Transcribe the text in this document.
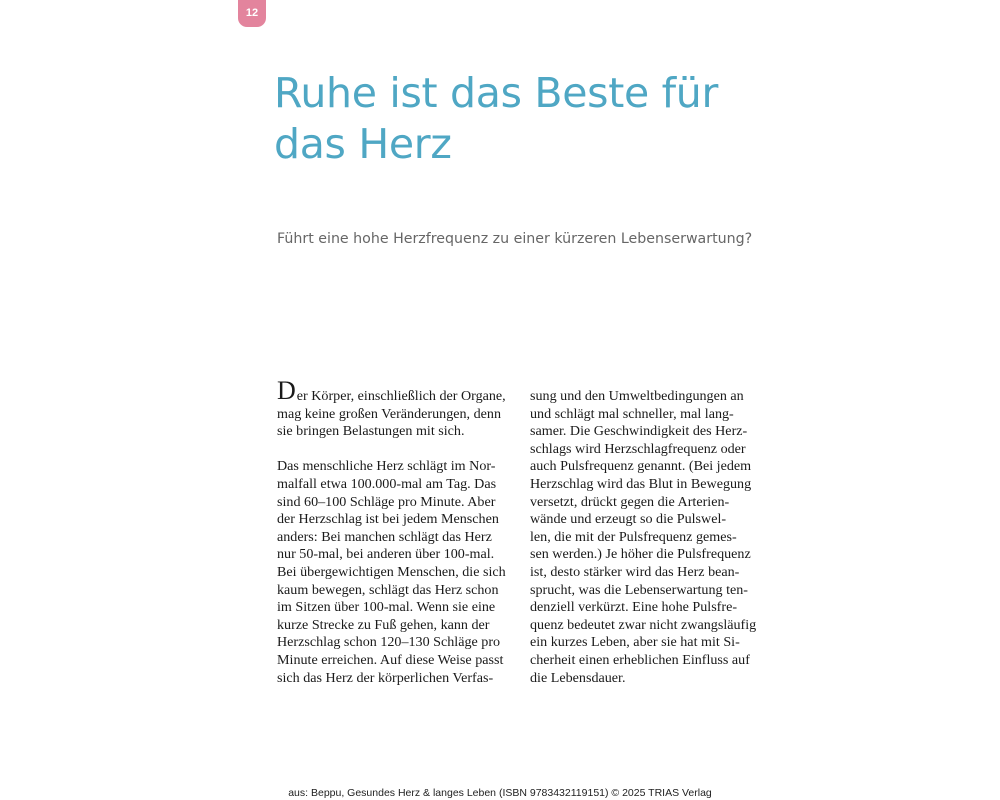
12
Ruhe ist das Beste für
das Herz

Führt eine hohe Herzfrequenz zu einer kürzeren Lebenserwartung?

D er Körper, einschließlich der Organe,
mag keine großen Veränderungen, denn
sie bringen Belastungen mit sich.
Das menschliche Herz schlägt im Nor-
malfall etwa 100.000-mal am Tag. Das
sind 60–100 Schläge pro Minute. Aber
der Herzschlag ist bei jedem Menschen
anders: Bei manchen schlägt das Herz
nur 50-mal, bei anderen über 100-mal.
Bei übergewichtigen Menschen, die sich
kaum bewegen, schlägt das Herz schon
im Sitzen über 100-mal. Wenn sie eine
kurze Strecke zu Fuß gehen, kann der
Herzschlag schon 120–130 Schläge pro
Minute erreichen. Auf diese Weise passt
sich das Herz der körperlichen Verfas-
sung und den Umweltbedingungen an
und schlägt mal schneller, mal lang-
samer. Die Geschwindigkeit des Herz-
schlags wird Herzschlagfrequenz oder
auch Pulsfrequenz genannt. (Bei jedem
Herzschlag wird das Blut in Bewegung
versetzt, drückt gegen die Arterien-
wände und erzeugt so die Pulswel-
len, die mit der Pulsfrequenz gemes-
sen werden.) Je höher die Pulsfrequenz
ist, desto stärker wird das Herz bean-
sprucht, was die Lebenserwartung ten-
denziell verkürzt. Eine hohe Pulsfre-
quenz bedeutet zwar nicht zwangsläufig
ein kurzes Leben, aber sie hat mit Si-
cherheit einen erheblichen Einfluss auf
die Lebensdauer.
aus: Beppu, Gesundes Herz & langes Leben (ISBN 9783432119151) © 2025 TRIAS Verlag
